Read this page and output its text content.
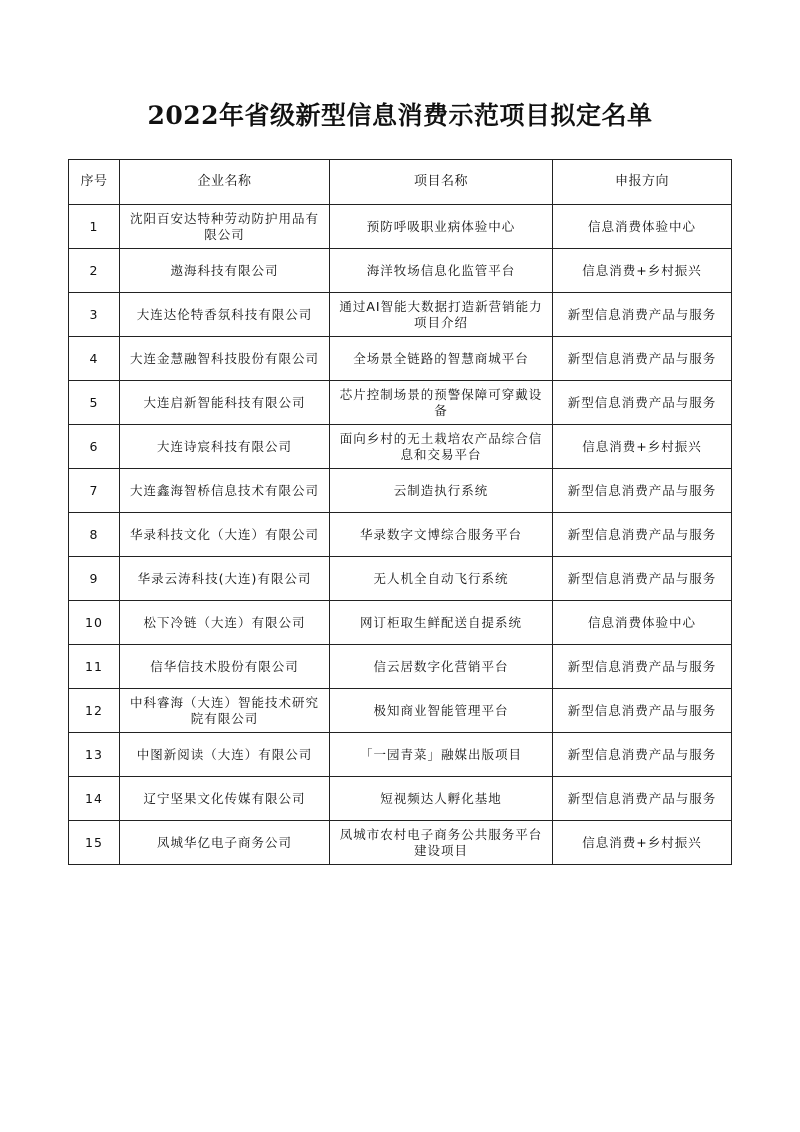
2022年省级新型信息消费示范项目拟定名单
序号	企业名称	项目名称	申报方向
1	沈阳百安达特种劳动防护用品有限公司	预防呼吸职业病体验中心	信息消费体验中心
2	遨海科技有限公司	海洋牧场信息化监管平台	信息消费+乡村振兴
3	大连达伦特香氛科技有限公司	通过AI智能大数据打造新营销能力项目介绍	新型信息消费产品与服务
4	大连金慧融智科技股份有限公司	全场景全链路的智慧商城平台	新型信息消费产品与服务
5	大连启新智能科技有限公司	芯片控制场景的预警保障可穿戴设备	新型信息消费产品与服务
6	大连诗宸科技有限公司	面向乡村的无土栽培农产品综合信息和交易平台	信息消费+乡村振兴
7	大连鑫海智桥信息技术有限公司	云制造执行系统	新型信息消费产品与服务
8	华录科技文化（大连）有限公司	华录数字文博综合服务平台	新型信息消费产品与服务
9	华录云涛科技(大连)有限公司	无人机全自动飞行系统	新型信息消费产品与服务
10	松下冷链（大连）有限公司	网订柜取生鲜配送自提系统	信息消费体验中心
11	信华信技术股份有限公司	信云居数字化营销平台	新型信息消费产品与服务
12	中科睿海（大连）智能技术研究院有限公司	极知商业智能管理平台	新型信息消费产品与服务
13	中图新阅读（大连）有限公司	「一园青菜」融媒出版项目	新型信息消费产品与服务
14	辽宁坚果文化传媒有限公司	短视频达人孵化基地	新型信息消费产品与服务
15	凤城华亿电子商务公司	凤城市农村电子商务公共服务平台建设项目	信息消费+乡村振兴
